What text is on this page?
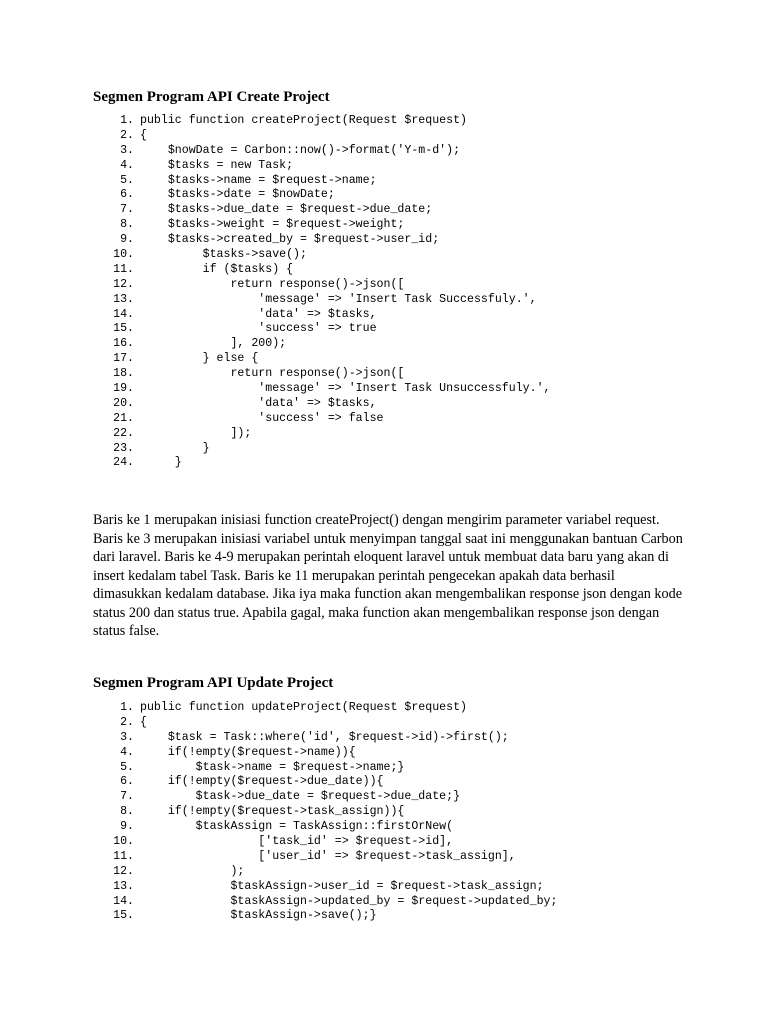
Segmen Program API Create Project
1. public function createProject(Request $request)
2. {
3. $nowDate = Carbon::now()->format('Y-m-d');
4. $tasks = new Task;
5. $tasks->name = $request->name;
6. $tasks->date = $nowDate;
7. $tasks->due_date = $request->due_date;
8. $tasks->weight = $request->weight;
9. $tasks->created_by = $request->user_id;
10. $tasks->save();
11. if ($tasks) {
12. return response()->json([
13. 'message' => 'Insert Task Successfuly.',
14. 'data' => $tasks,
15. 'success' => true
16. ], 200);
17. } else {
18. return response()->json([
19. 'message' => 'Insert Task Unsuccessfuly.',
20. 'data' => $tasks,
21. 'success' => false
22. ]);
23. }
24. }

Baris ke 1 merupakan inisiasi function createProject() dengan mengirim parameter variabel request. Baris ke 3 merupakan inisiasi variabel untuk menyimpan tanggal saat ini menggunakan bantuan Carbon dari laravel. Baris ke 4-9 merupakan perintah eloquent laravel untuk membuat data baru yang akan di insert kedalam tabel Task. Baris ke 11 merupakan perintah pengecekan apakah data berhasil dimasukkan kedalam database. Jika iya maka function akan mengembalikan response json dengan kode status 200 dan status true. Apabila gagal, maka function akan mengembalikan response json dengan status false.

Segmen Program API Update Project
1. public function updateProject(Request $request)
2. {
3. $task = Task::where('id', $request->id)->first();
4. if(!empty($request->name)){
5. $task->name = $request->name;}
6. if(!empty($request->due_date)){
7. $task->due_date = $request->due_date;}
8. if(!empty($request->task_assign)){
9. $taskAssign = TaskAssign::firstOrNew(
10. ['task_id' => $request->id],
11. ['user_id' => $request->task_assign],
12. );
13. $taskAssign->user_id = $request->task_assign;
14. $taskAssign->updated_by = $request->updated_by;
15. $taskAssign->save();}
